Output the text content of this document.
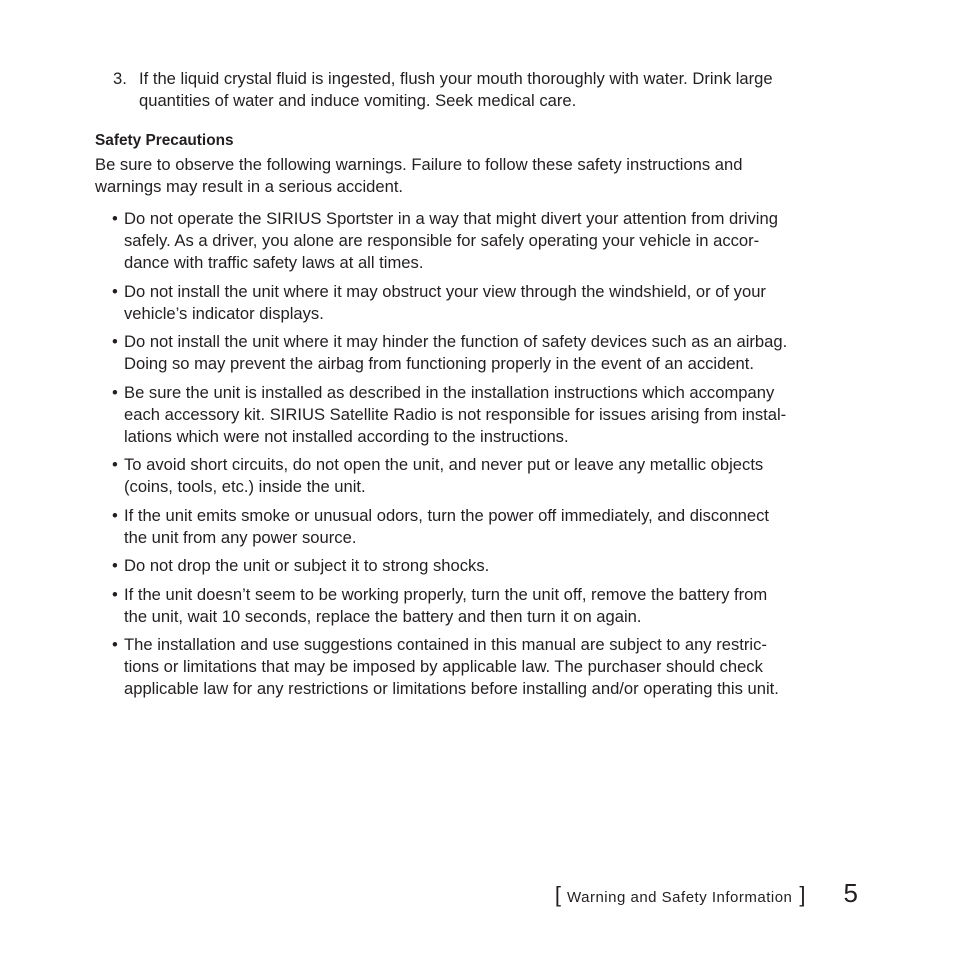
3. If the liquid crystal fluid is ingested, flush your mouth thoroughly with water. Drink large
quantities of water and induce vomiting. Seek medical care.
Safety Precautions
Be sure to observe the following warnings. Failure to follow these safety instructions and
warnings may result in a serious accident.
• Do not operate the SIRIUS Sportster in a way that might divert your attention from driving
safely. As a driver, you alone are responsible for safely operating your vehicle in accor-
dance with traffic safety laws at all times.
• Do not install the unit where it may obstruct your view through the windshield, or of your
vehicle’s indicator displays.
• Do not install the unit where it may hinder the function of safety devices such as an airbag.
Doing so may prevent the airbag from functioning properly in the event of an accident.
• Be sure the unit is installed as described in the installation instructions which accompany
each accessory kit. SIRIUS Satellite Radio is not responsible for issues arising from instal-
lations which were not installed according to the instructions.
• To avoid short circuits, do not open the unit, and never put or leave any metallic objects
(coins, tools, etc.) inside the unit.
• If the unit emits smoke or unusual odors, turn the power off immediately, and disconnect
the unit from any power source.
• Do not drop the unit or subject it to strong shocks.
• If the unit doesn’t seem to be working properly, turn the unit off, remove the battery from
the unit, wait 10 seconds, replace the battery and then turn it on again.
• The installation and use suggestions contained in this manual are subject to any restric-
tions or limitations that may be imposed by applicable law. The purchaser should check
applicable law for any restrictions or limitations before installing and/or operating this unit.
[ Warning and Safety Information ] 5
